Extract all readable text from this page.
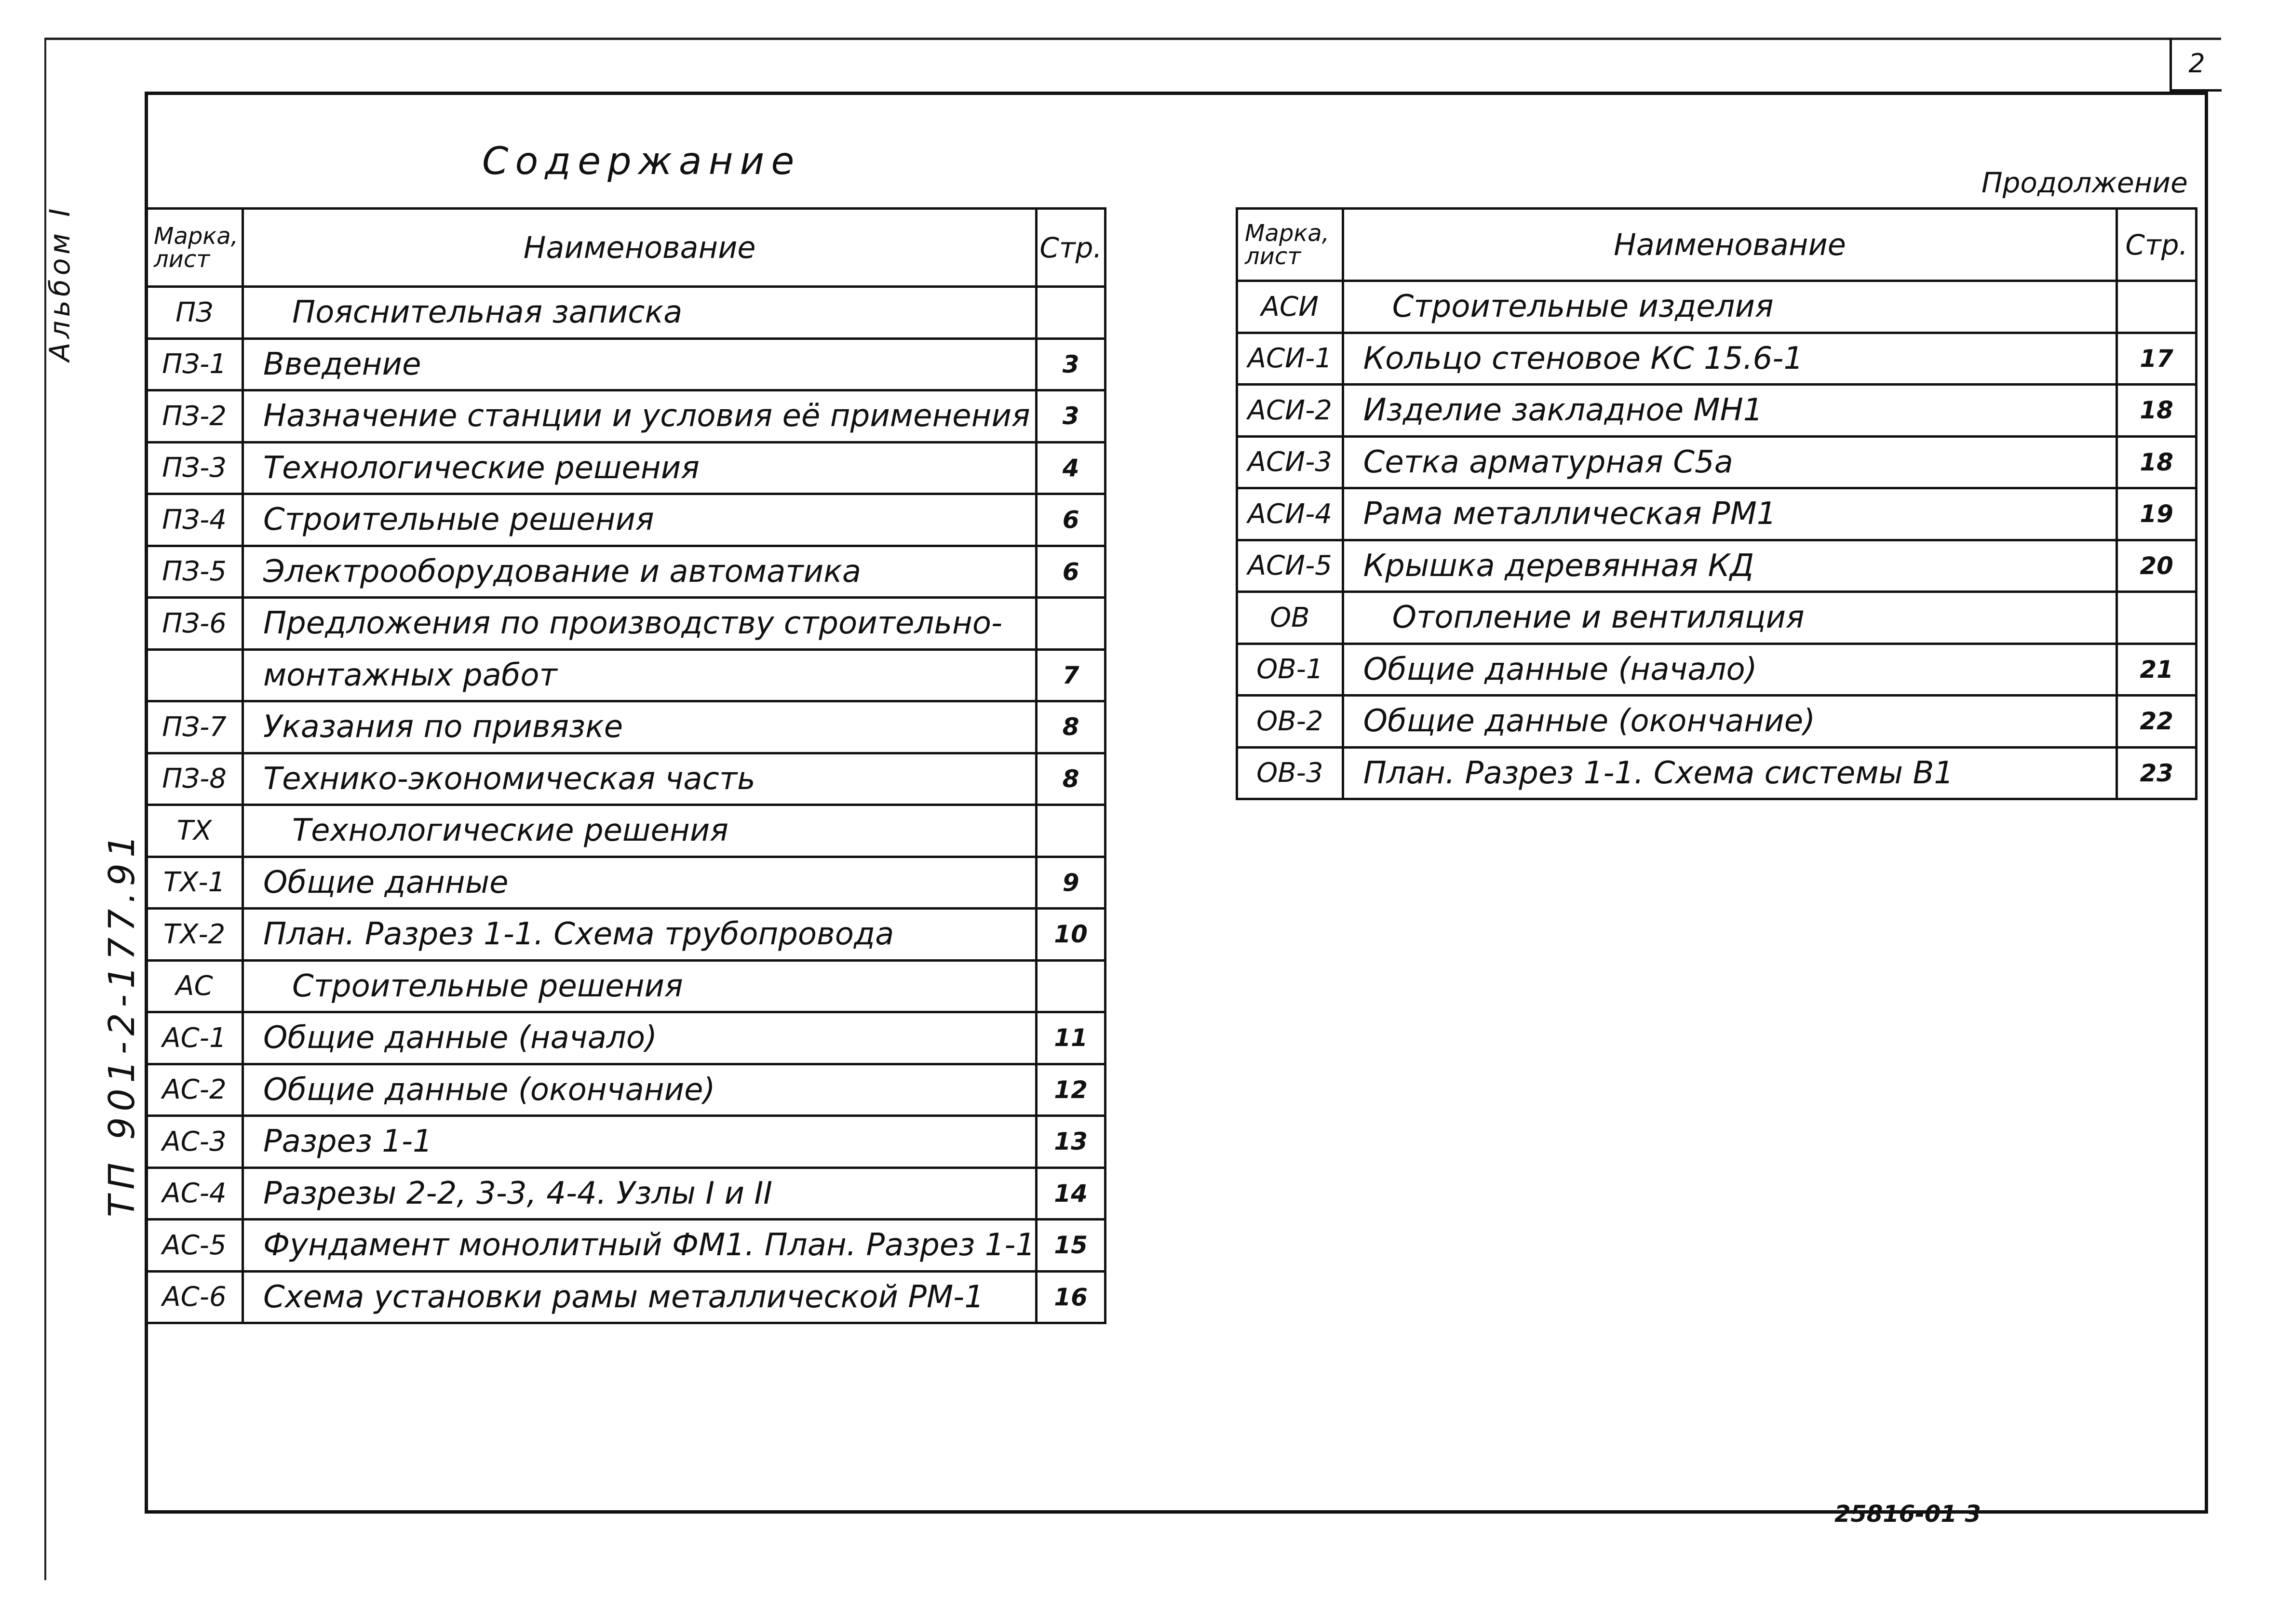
2
Альбом I
ТП 901-2-177.91
Содержание	Продолжение
Марка, лист	Наименование	Стр.
ПЗ	Пояснительная записка	
ПЗ-1	Введение	3
ПЗ-2	Назначение станции и условия её применения	3
ПЗ-3	Технологические решения	4
ПЗ-4	Строительные решения	6
ПЗ-5	Электрооборудование и автоматика	6
ПЗ-6	Предложения по производству строительно-	
	монтажных работ	7
ПЗ-7	Указания по привязке	8
ПЗ-8	Технико-экономическая часть	8
ТХ	Технологические решения	
ТХ-1	Общие данные	9
ТХ-2	План. Разрез 1-1. Схема трубопровода	10
АС	Строительные решения	
АС-1	Общие данные (начало)	11
АС-2	Общие данные (окончание)	12
АС-3	Разрез 1-1	13
АС-4	Разрезы 2-2, 3-3, 4-4. Узлы I и II	14
АС-5	Фундамент монолитный ФМ1. План. Разрез 1-1	15
АС-6	Схема установки рамы металлической РМ-1	16
Марка, лист	Наименование	Стр.
АСИ	Строительные изделия	
АСИ-1	Кольцо стеновое КС 15.6-1	17
АСИ-2	Изделие закладное МН1	18
АСИ-3	Сетка арматурная С5а	18
АСИ-4	Рама металлическая РМ1	19
АСИ-5	Крышка деревянная КД	20
ОВ	Отопление и вентиляция	
ОВ-1	Общие данные (начало)	21
ОВ-2	Общие данные (окончание)	22
ОВ-3	План. Разрез 1-1. Схема системы В1	23
25816-01 3
